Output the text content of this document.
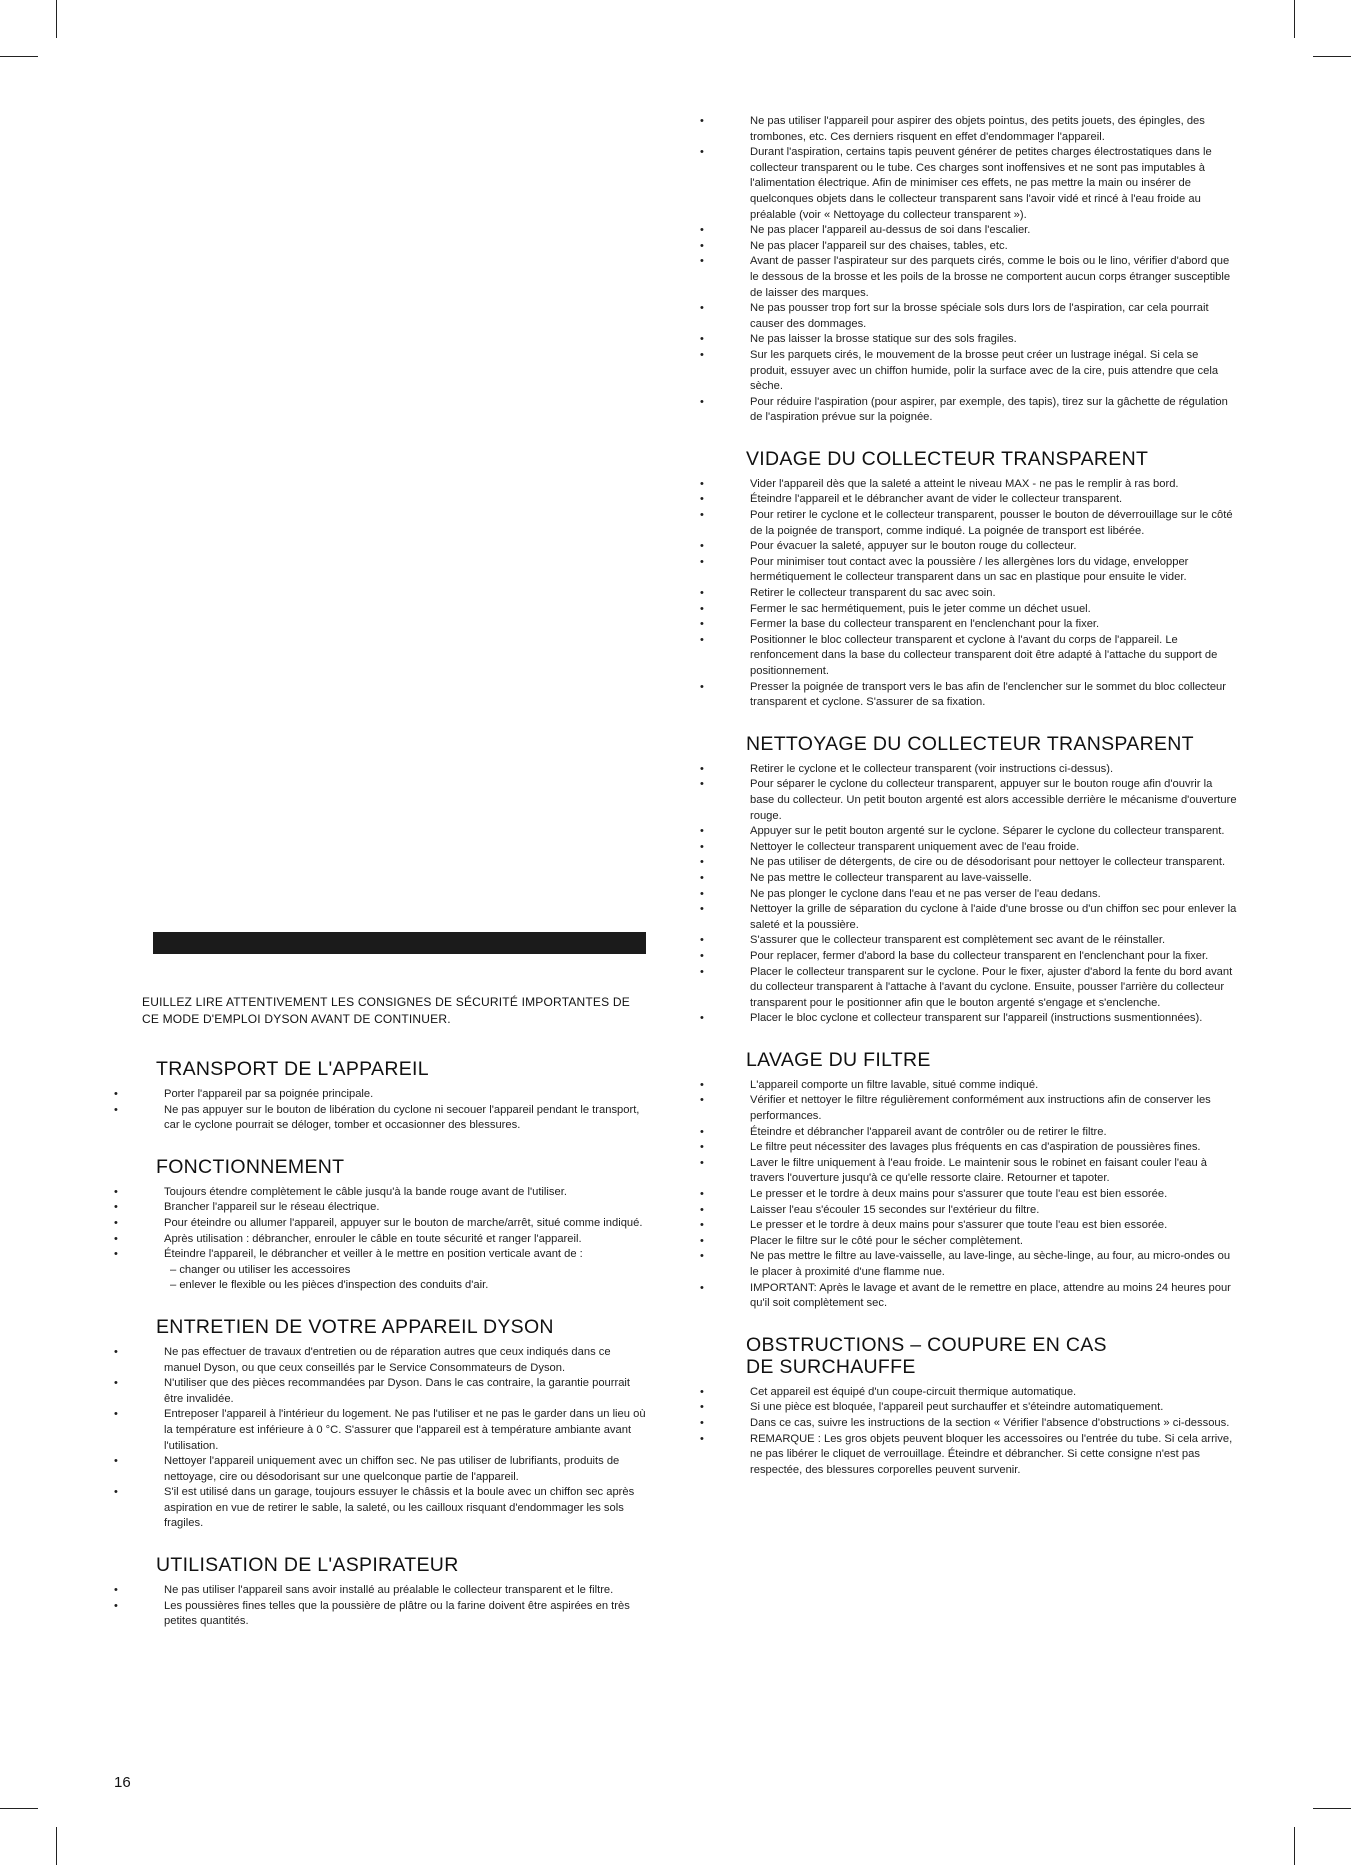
EUILLEZ LIRE ATTENTIVEMENT LES CONSIGNES DE SÉCURITÉ IMPORTANTES DE CE MODE D'EMPLOI DYSON AVANT DE CONTINUER.

TRANSPORT DE L'APPAREIL
• Porter l'appareil par sa poignée principale.
• Ne pas appuyer sur le bouton de libération du cyclone ni secouer l'appareil pendant le transport, car le cyclone pourrait se déloger, tomber et occasionner des blessures.
FONCTIONNEMENT
• Toujours étendre complètement le câble jusqu'à la bande rouge avant de l'utiliser.
• Brancher l'appareil sur le réseau électrique.
• Pour éteindre ou allumer l'appareil, appuyer sur le bouton de marche/arrêt, situé comme indiqué.
• Après utilisation : débrancher, enrouler le câble en toute sécurité et ranger l'appareil.
• Éteindre l'appareil, le débrancher et veiller à le mettre en position verticale avant de :
– changer ou utiliser les accessoires
– enlever le flexible ou les pièces d'inspection des conduits d'air.
ENTRETIEN DE VOTRE APPAREIL DYSON
• Ne pas effectuer de travaux d'entretien ou de réparation autres que ceux indiqués dans ce manuel Dyson, ou que ceux conseillés par le Service Consommateurs de Dyson.
• N'utiliser que des pièces recommandées par Dyson. Dans le cas contraire, la garantie pourrait être invalidée.
• Entreposer l'appareil à l'intérieur du logement. Ne pas l'utiliser et ne pas le garder dans un lieu où la température est inférieure à 0 °C. S'assurer que l'appareil est à température ambiante avant l'utilisation.
• Nettoyer l'appareil uniquement avec un chiffon sec. Ne pas utiliser de lubrifiants, produits de nettoyage, cire ou désodorisant sur une quelconque partie de l'appareil.
• S'il est utilisé dans un garage, toujours essuyer le châssis et la boule avec un chiffon sec après aspiration en vue de retirer le sable, la saleté, ou les cailloux risquant d'endommager les sols fragiles.
UTILISATION DE L'ASPIRATEUR
• Ne pas utiliser l'appareil sans avoir installé au préalable le collecteur transparent et le filtre.
• Les poussières fines telles que la poussière de plâtre ou la farine doivent être aspirées en très petites quantités.
• Ne pas utiliser l'appareil pour aspirer des objets pointus, des petits jouets, des épingles, des trombones, etc. Ces derniers risquent en effet d'endommager l'appareil.
• Durant l'aspiration, certains tapis peuvent générer de petites charges électrostatiques dans le collecteur transparent ou le tube. Ces charges sont inoffensives et ne sont pas imputables à l'alimentation électrique. Afin de minimiser ces effets, ne pas mettre la main ou insérer de quelconques objets dans le collecteur transparent sans l'avoir vidé et rincé à l'eau froide au préalable (voir « Nettoyage du collecteur transparent »).
• Ne pas placer l'appareil au-dessus de soi dans l'escalier.
• Ne pas placer l'appareil sur des chaises, tables, etc.
• Avant de passer l'aspirateur sur des parquets cirés, comme le bois ou le lino, vérifier d'abord que le dessous de la brosse et les poils de la brosse ne comportent aucun corps étranger susceptible de laisser des marques.
• Ne pas pousser trop fort sur la brosse spéciale sols durs lors de l'aspiration, car cela pourrait causer des dommages.
• Ne pas laisser la brosse statique sur des sols fragiles.
• Sur les parquets cirés, le mouvement de la brosse peut créer un lustrage inégal. Si cela se produit, essuyer avec un chiffon humide, polir la surface avec de la cire, puis attendre que cela sèche.
• Pour réduire l'aspiration (pour aspirer, par exemple, des tapis), tirez sur la gâchette de régulation de l'aspiration prévue sur la poignée.
VIDAGE DU COLLECTEUR TRANSPARENT
• Vider l'appareil dès que la saleté a atteint le niveau MAX - ne pas le remplir à ras bord.
• Éteindre l'appareil et le débrancher avant de vider le collecteur transparent.
• Pour retirer le cyclone et le collecteur transparent, pousser le bouton de déverrouillage sur le côté de la poignée de transport, comme indiqué. La poignée de transport est libérée.
• Pour évacuer la saleté, appuyer sur le bouton rouge du collecteur.
• Pour minimiser tout contact avec la poussière / les allergènes lors du vidage, envelopper hermétiquement le collecteur transparent dans un sac en plastique pour ensuite le vider.
• Retirer le collecteur transparent du sac avec soin.
• Fermer le sac hermétiquement, puis le jeter comme un déchet usuel.
• Fermer la base du collecteur transparent en l'enclenchant pour la fixer.
• Positionner le bloc collecteur transparent et cyclone à l'avant du corps de l'appareil. Le renfoncement dans la base du collecteur transparent doit être adapté à l'attache du support de positionnement.
• Presser la poignée de transport vers le bas afin de l'enclencher sur le sommet du bloc collecteur transparent et cyclone. S'assurer de sa fixation.
NETTOYAGE DU COLLECTEUR TRANSPARENT
• Retirer le cyclone et le collecteur transparent (voir instructions ci-dessus).
• Pour séparer le cyclone du collecteur transparent, appuyer sur le bouton rouge afin d'ouvrir la base du collecteur. Un petit bouton argenté est alors accessible derrière le mécanisme d'ouverture rouge.
• Appuyer sur le petit bouton argenté sur le cyclone. Séparer le cyclone du collecteur transparent.
• Nettoyer le collecteur transparent uniquement avec de l'eau froide.
• Ne pas utiliser de détergents, de cire ou de désodorisant pour nettoyer le collecteur transparent.
• Ne pas mettre le collecteur transparent au lave-vaisselle.
• Ne pas plonger le cyclone dans l'eau et ne pas verser de l'eau dedans.
• Nettoyer la grille de séparation du cyclone à l'aide d'une brosse ou d'un chiffon sec pour enlever la saleté et la poussière.
• S'assurer que le collecteur transparent est complètement sec avant de le réinstaller.
• Pour replacer, fermer d'abord la base du collecteur transparent en l'enclenchant pour la fixer.
• Placer le collecteur transparent sur le cyclone. Pour le fixer, ajuster d'abord la fente du bord avant du collecteur transparent à l'attache à l'avant du cyclone. Ensuite, pousser l'arrière du collecteur transparent pour le positionner afin que le bouton argenté s'engage et s'enclenche.
• Placer le bloc cyclone et collecteur transparent sur l'appareil (instructions susmentionnées).
LAVAGE DU FILTRE
• L'appareil comporte un filtre lavable, situé comme indiqué.
• Vérifier et nettoyer le filtre régulièrement conformément aux instructions afin de conserver les performances.
• Éteindre et débrancher l'appareil avant de contrôler ou de retirer le filtre.
• Le filtre peut nécessiter des lavages plus fréquents en cas d'aspiration de poussières fines.
• Laver le filtre uniquement à l'eau froide. Le maintenir sous le robinet en faisant couler l'eau à travers l'ouverture jusqu'à ce qu'elle ressorte claire. Retourner et tapoter.
• Le presser et le tordre à deux mains pour s'assurer que toute l'eau est bien essorée.
• Laisser l'eau s'écouler 15 secondes sur l'extérieur du filtre.
• Le presser et le tordre à deux mains pour s'assurer que toute l'eau est bien essorée.
• Placer le filtre sur le côté pour le sécher complètement.
• Ne pas mettre le filtre au lave-vaisselle, au lave-linge, au sèche-linge, au four, au micro-ondes ou le placer à proximité d'une flamme nue.
• IMPORTANT: Après le lavage et avant de le remettre en place, attendre au moins 24 heures pour qu'il soit complètement sec.
OBSTRUCTIONS – COUPURE EN CAS
DE SURCHAUFFE
• Cet appareil est équipé d'un coupe-circuit thermique automatique.
• Si une pièce est bloquée, l'appareil peut surchauffer et s'éteindre automatiquement.
• Dans ce cas, suivre les instructions de la section « Vérifier l'absence d'obstructions » ci-dessous.
• REMARQUE : Les gros objets peuvent bloquer les accessoires ou l'entrée du tube. Si cela arrive, ne pas libérer le cliquet de verrouillage. Éteindre et débrancher. Si cette consigne n'est pas respectée, des blessures corporelles peuvent survenir.
16
